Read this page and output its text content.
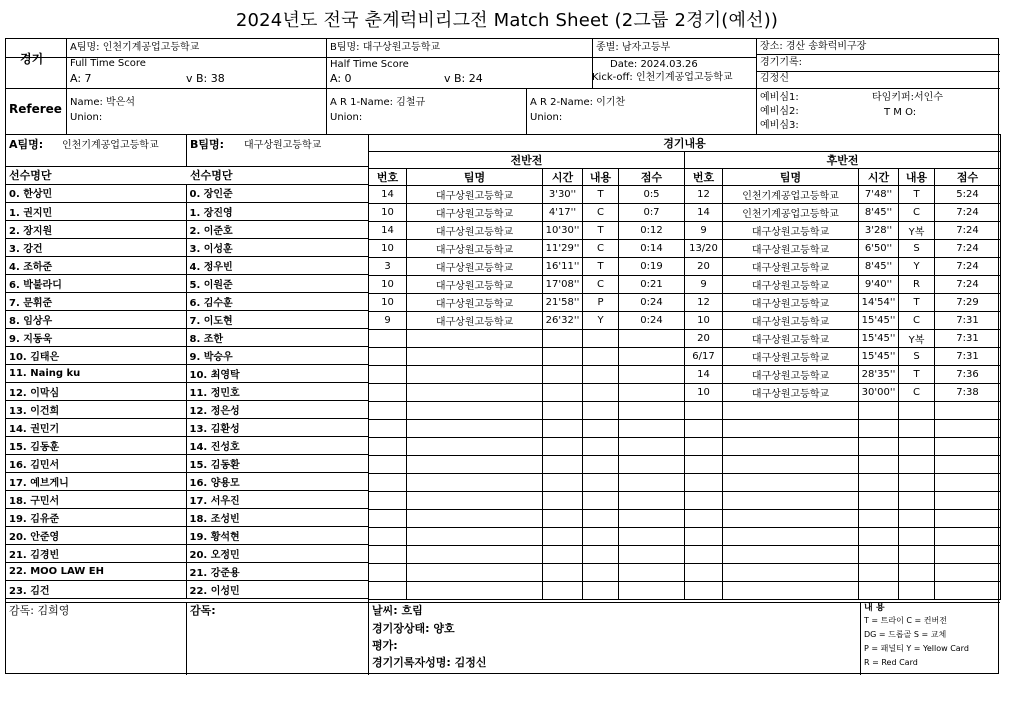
2024년도 전국 춘계럭비리그전 Match Sheet (2그룹 2경기(예선))
경기
A팀명: 인천기계공업고등학교	B팀명: 대구상원고등학교	종별: 남자고등부	장소: 경산 송화럭비구장
Full Time Score
A: 7	v B: 38
Half Time Score
A: 0	v B: 24
Date: 2024.03.26
Kick-off: 인천기계공업고등학교
경기기록:
김정신
Referee Name: 박은석
Union:
A R 1-Name: 김철규
Union:
A R 2-Name: 이기찬
Union:
예비심1:
예비심2:
예비심3:
타임키퍼:서인수
T M O:
A팀명: 인천기계공업고등학교	B팀명: 대구상원고등학교
선수명단	선수명단
0. 한상민	0. 장인준
1. 권지민	1. 장진영
2. 장지원	2. 이준호
3. 강건	3. 이성훈
4. 조하준	4. 정우빈
6. 박불라디	5. 이원준
7. 문휘준	6. 김수훈
8. 임상우	7. 이도현
9. 지동욱	8. 조한
10. 김태은	9. 박승우
11. Naing ku	10. 최영탁
12. 이막심	11. 정민호
13. 이건희	12. 정은성
14. 권민기	13. 김환성
15. 김동훈	14. 진성호
16. 김민서	15. 김동환
17. 예브게니	16. 양용모
18. 구민서	17. 서우진
19. 김유준	18. 조성빈
20. 안준영	19. 황석현
21. 김경빈	20. 오정민
22. MOO LAW EH	21. 강준용
23. 김건	22. 이성민
경기내용									
전반전					후반전				
번호	팀명	시간	내용	점수	번호	팀명	시간	내용	점수
14	대구상원고등학교	3'30''	T	0:5	12	인천기계공업고등학교	7'48''	T	5:24
10	대구상원고등학교	4'17''	C	0:7	14	인천기계공업고등학교	8'45''	C	7:24
14	대구상원고등학교	10'30''	T	0:12	9	대구상원고등학교	3'28''	Y복	7:24
10	대구상원고등학교	11'29''	C	0:14	13/20	대구상원고등학교	6'50''	S	7:24
3	대구상원고등학교	16'11''	T	0:19	20	대구상원고등학교	8'45''	Y	7:24
10	대구상원고등학교	17'08''	C	0:21	9	대구상원고등학교	9'40''	R	7:24
10	대구상원고등학교	21'58''	P	0:24	12	대구상원고등학교	14'54''	T	7:29
9	대구상원고등학교	26'32''	Y	0:24	10	대구상원고등학교	15'45''	C	7:31
					20	대구상원고등학교	15'45''	Y복	7:31
					6/17	대구상원고등학교	15'45''	S	7:31
					14	대구상원고등학교	28'35''	T	7:36
					10	대구상원고등학교	30'00''	C	7:38

감독: 김희영	감독:	날씨: 흐림
경기장상태: 양호
평가:
경기기록자성명: 김정신
내 용
T = 트라이 C = 컨버전
DG = 드롭골 S = 교체
P = 패널티 Y = Yellow Card
R = Red Card
